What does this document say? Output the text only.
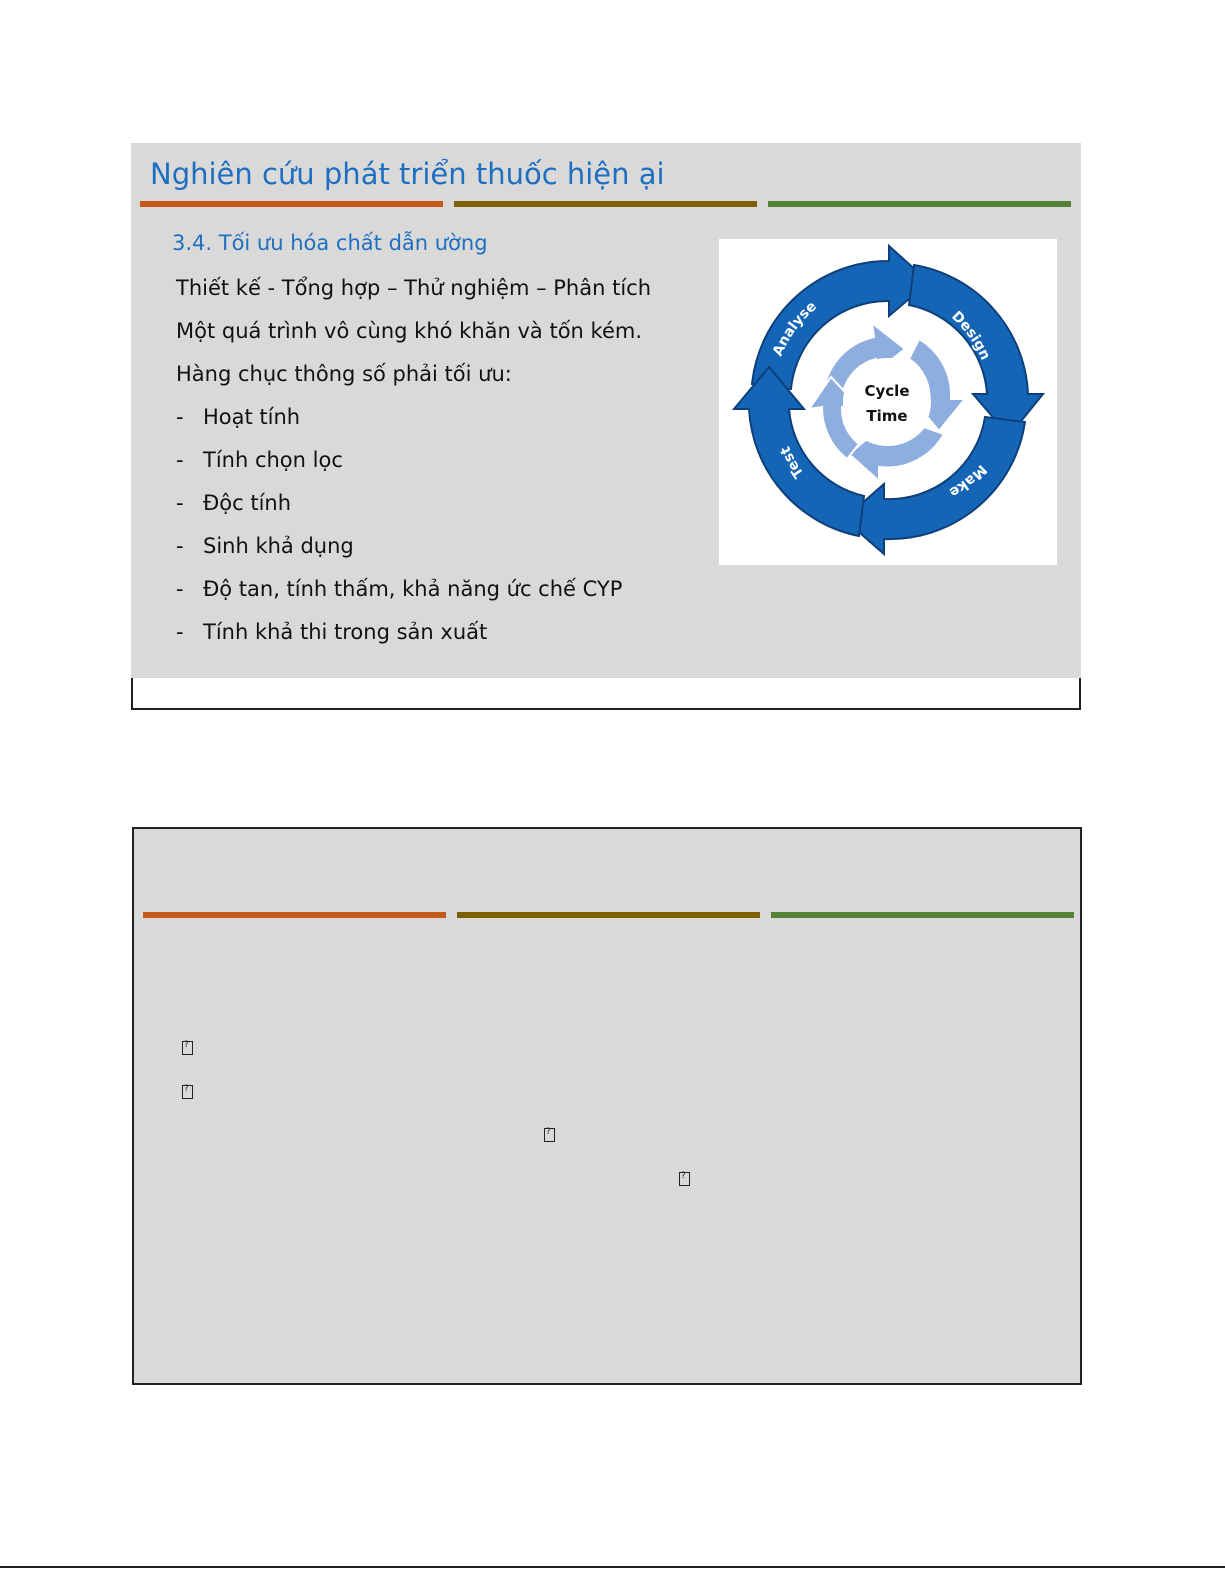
Nghiên cứu phát triển thuốc hiện ại
3.4. Tối ưu hóa chất dẫn ường
Thiết kế - Tổng hợp – Thử nghiệm – Phân tích
Một quá trình vô cùng khó khăn và tốn kém.
Hàng chục thông số phải tối ưu:
- Hoạt tính
- Tính chọn lọc
- Độc tính
- Sinh khả dụng
- Độ tan, tính thấm, khả năng ức chế CYP
- Tính khả thi trong sản xuất
Cycle
Time
Analyse
Design
Make
Test
?
?
?
?
